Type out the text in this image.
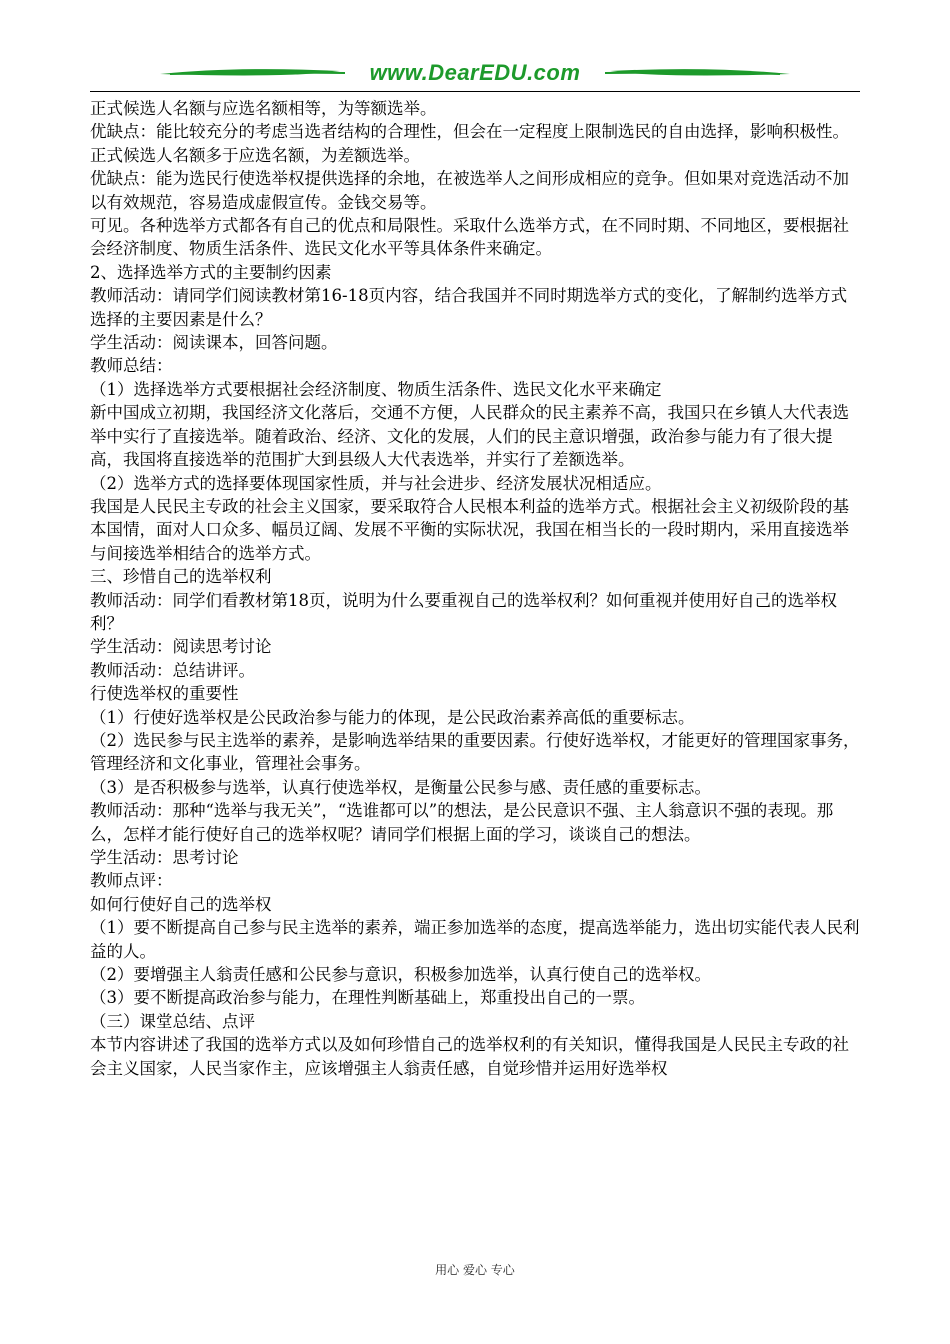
www.DearEDU.com

正式候选人名额与应选名额相等，为等额选举。

优缺点：能比较充分的考虑当选者结构的合理性，但会在一定程度上限制选民的自由选择，影响积极性。

正式候选人名额多于应选名额，为差额选举。

优缺点：能为选民行使选举权提供选择的余地，在被选举人之间形成相应的竞争。但如果对竞选活动不加以有效规范，容易造成虚假宣传。金钱交易等。

可见。各种选举方式都各有自己的优点和局限性。采取什么选举方式，在不同时期、不同地区，要根据社会经济制度、物质生活条件、选民文化水平等具体条件来确定。

2、选择选举方式的主要制约因素

教师活动：请同学们阅读教材第16-18页内容，结合我国并不同时期选举方式的变化，了解制约选举方式选择的主要因素是什么？

学生活动：阅读课本，回答问题。

教师总结：

（1）选择选举方式要根据社会经济制度、物质生活条件、选民文化水平来确定

新中国成立初期，我国经济文化落后，交通不方便，人民群众的民主素养不高，我国只在乡镇人大代表选举中实行了直接选举。随着政治、经济、文化的发展，人们的民主意识增强，政治参与能力有了很大提高，我国将直接选举的范围扩大到县级人大代表选举，并实行了差额选举。

（2）选举方式的选择要体现国家性质，并与社会进步、经济发展状况相适应。

我国是人民民主专政的社会主义国家，要采取符合人民根本利益的选举方式。根据社会主义初级阶段的基本国情，面对人口众多、幅员辽阔、发展不平衡的实际状况，我国在相当长的一段时期内，采用直接选举与间接选举相结合的选举方式。

三、珍惜自己的选举权利

教师活动：同学们看教材第18页，说明为什么要重视自己的选举权利？如何重视并使用好自己的选举权利？

学生活动：阅读思考讨论

教师活动：总结讲评。

行使选举权的重要性

（1）行使好选举权是公民政治参与能力的体现，是公民政治素养高低的重要标志。

（2）选民参与民主选举的素养，是影响选举结果的重要因素。行使好选举权，才能更好的管理国家事务，管理经济和文化事业，管理社会事务。

（3）是否积极参与选举，认真行使选举权，是衡量公民参与感、责任感的重要标志。

教师活动：那种“选举与我无关”，“选谁都可以”的想法，是公民意识不强、主人翁意识不强的表现。那么，怎样才能行使好自己的选举权呢？请同学们根据上面的学习，谈谈自己的想法。

学生活动：思考讨论

教师点评：

如何行使好自己的选举权

（1）要不断提高自己参与民主选举的素养，端正参加选举的态度，提高选举能力，选出切实能代表人民利益的人。

（2）要增强主人翁责任感和公民参与意识，积极参加选举，认真行使自己的选举权。

（3）要不断提高政治参与能力，在理性判断基础上，郑重投出自己的一票。

（三）课堂总结、点评

本节内容讲述了我国的选举方式以及如何珍惜自己的选举权利的有关知识，懂得我国是人民民主专政的社会主义国家，人民当家作主，应该增强主人翁责任感，自觉珍惜并运用好选举权

用心 爱心 专心
